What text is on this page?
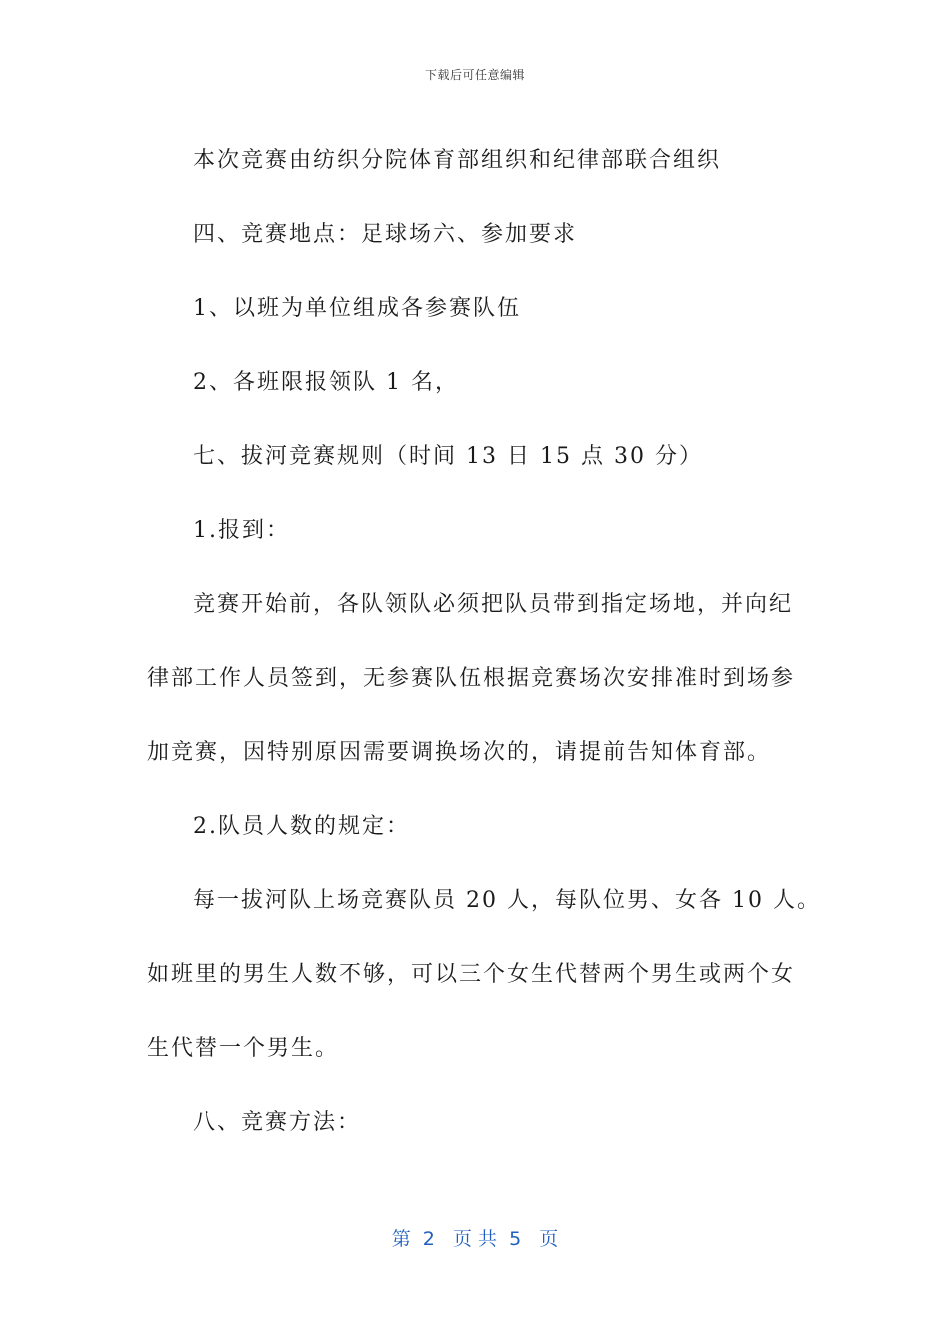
下载后可任意编辑
本次竞赛由纺织分院体育部组织和纪律部联合组织
四、竞赛地点：足球场六、参加要求
1、以班为单位组成各参赛队伍
2、各班限报领队 1 名，
七、拔河竞赛规则（时间 13 日 15 点 30 分）
1.报到：
竞赛开始前，各队领队必须把队员带到指定场地，并向纪
律部工作人员签到，无参赛队伍根据竞赛场次安排准时到场参
加竞赛，因特别原因需要调换场次的，请提前告知体育部。
2.队员人数的规定：
每一拔河队上场竞赛队员 20 人，每队位男、女各 10 人。
如班里的男生人数不够，可以三个女生代替两个男生或两个女
生代替一个男生。
八、竞赛方法：
第  2   页 共  5   页
